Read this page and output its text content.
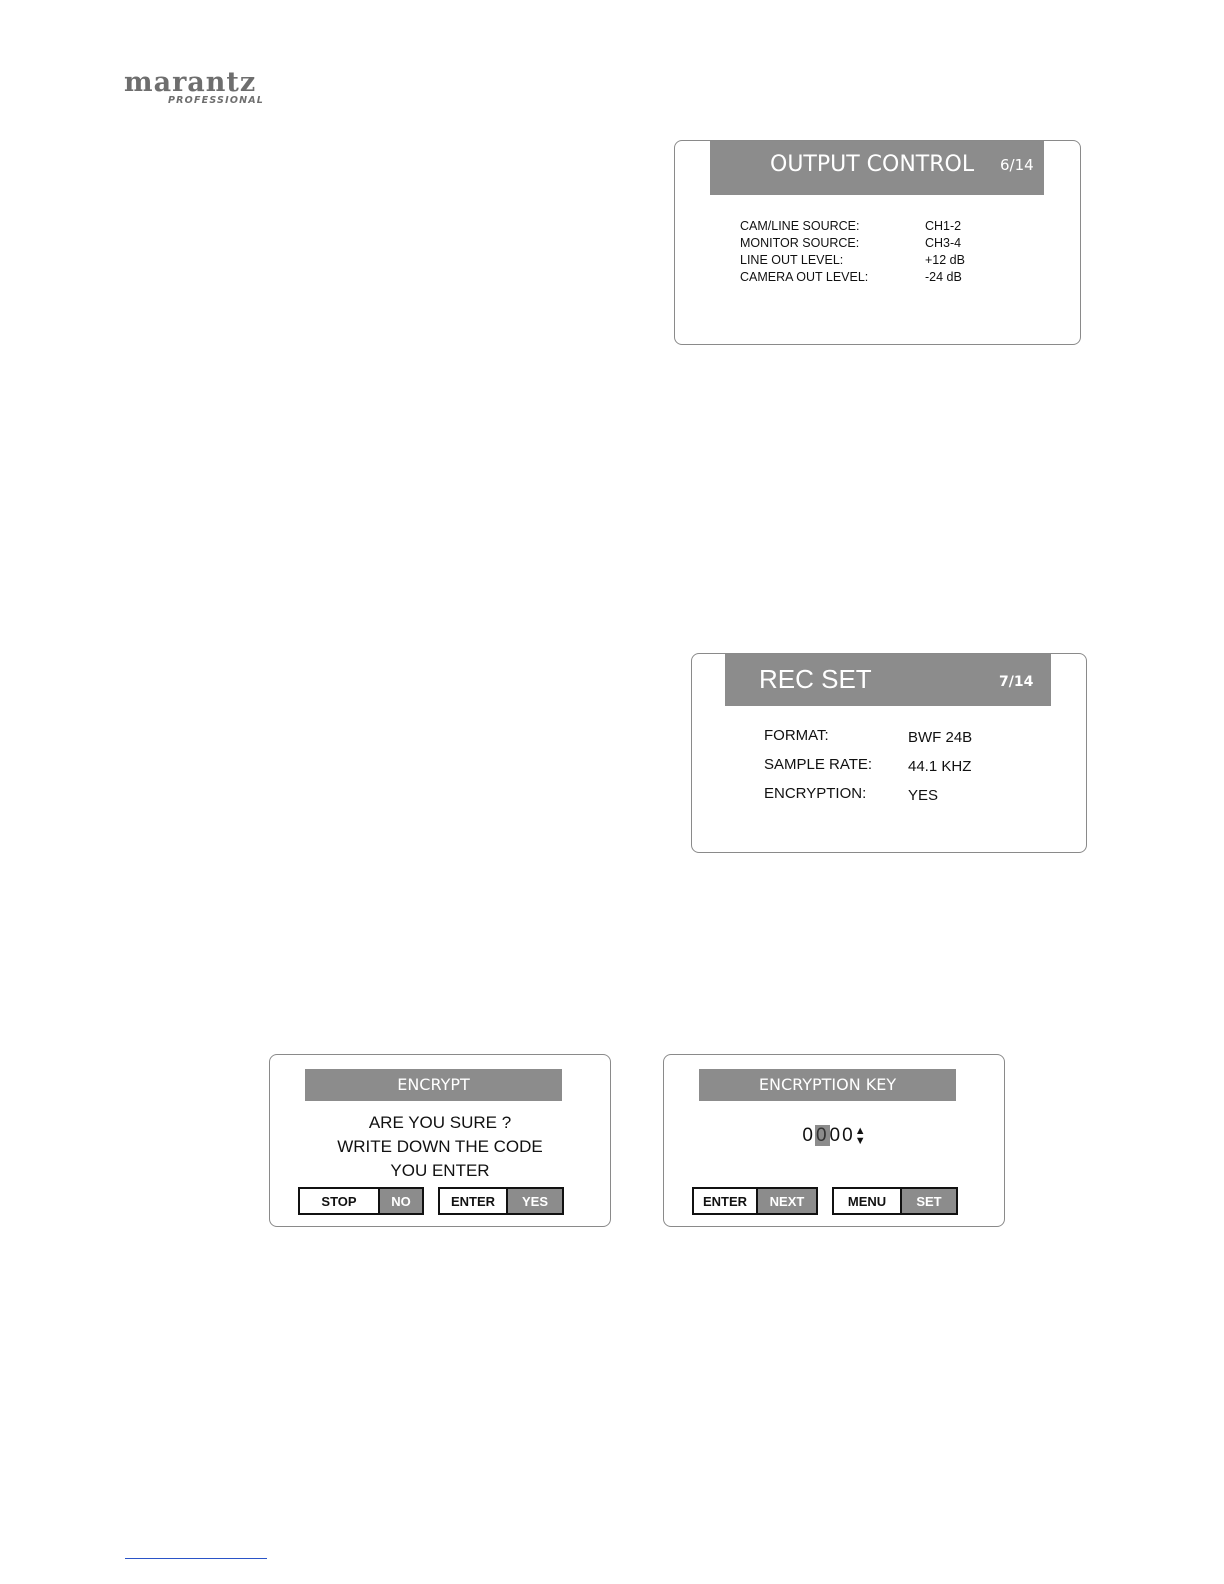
marantz
PROFESSIONAL
OUTPUT CONTROL 6/14
CAM/LINE SOURCE:	CH1-2
MONITOR SOURCE:	CH3-4
LINE OUT LEVEL:	+12 dB
CAMERA OUT LEVEL:	-24 dB
REC SET	7/14
FORMAT:	BWF 24B
SAMPLE RATE: 44.1 KHZ
ENCRYPTION:	YES
ENCRYPT
ARE YOU SURE ?
WRITE DOWN THE CODE
YOU ENTER
STOP	NO	ENTER	YES
ENCRYPTION KEY
0000▲
▼
ENTER	NEXT	MENU	SET
